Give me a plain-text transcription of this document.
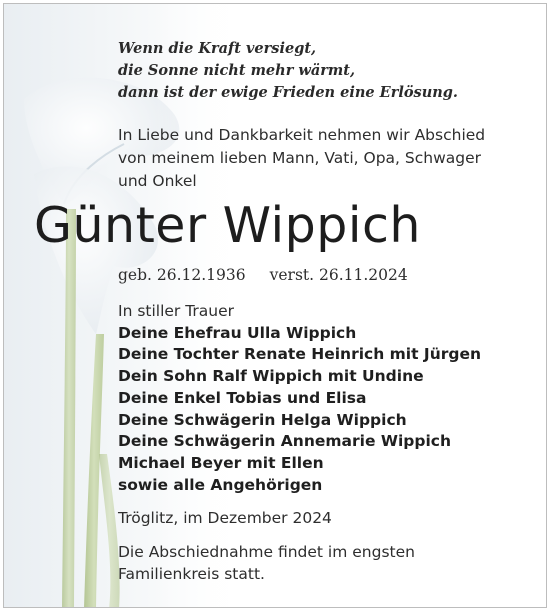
Wenn die Kraft versiegt,
die Sonne nicht mehr wärmt,
dann ist der ewige Frieden eine Erlösung.
In Liebe und Dankbarkeit nehmen wir Abschied
von meinem lieben Mann, Vati, Opa, Schwager
und Onkel
Günter Wippich
geb. 26.12.1936 verst. 26.11.2024
In stiller Trauer
Deine Ehefrau Ulla Wippich
Deine Tochter Renate Heinrich mit Jürgen
Dein Sohn Ralf Wippich mit Undine
Deine Enkel Tobias und Elisa
Deine Schwägerin Helga Wippich
Deine Schwägerin Annemarie Wippich
Michael Beyer mit Ellen
sowie alle Angehörigen
Tröglitz, im Dezember 2024
Die Abschiednahme findet im engsten
Familienkreis statt.
